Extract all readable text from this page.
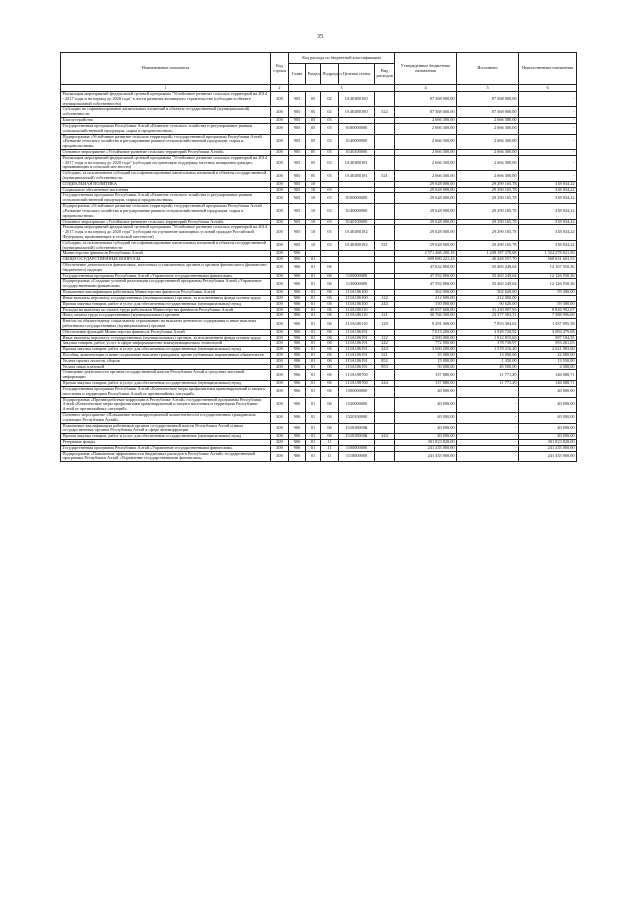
35
Наименование показателя	Код строки	Код расхода по бюджетной классификации					Утвержденные бюджетные назначения	Исполнено	Неисполненные назначения
		Глава	Раздел	Подраздел	Целевая статья	Вид расходов			
1	2	3					4	5	6
Реализация мероприятий федеральной целевой программы "Устойчивое развитие сельских территорий на 2014 - 2017 годы и на период до 2020 года" в части развития жилищного строительства (субсидии в объекте муниципальной собственности)	200	905	05	02	01401R0180		87 368 000,00	87 368 000,00	-
Субсидии на софинансирование капитальных вложений в объекты государственной (муниципальной) собственности	200	905	05	02	01401R0180	522	87 368 000,00	87 368 000,00	-
Благоустройство	200	905	05	03			2 666 300,00	2 666 300,00	-
Государственная программа Республики Алтай «Развитие сельского хозяйства и регулирование рынков сельскохозяйственной продукции, сырья и продовольствия»	200	905	05	03	0100000000		2 666 300,00	2 666 300,00	-
Подпрограмма «Устойчивое развитие сельских территорий» государственной программы Республики Алтай «Развитие сельского хозяйства и регулирование рынков сельскохозяйственной продукции, сырья и продовольствия»	200	905	05	03	0140000000		2 666 300,00	2 666 300,00	-
Основное мероприятие «Устойчивое развитие сельских территорий Республики Алтай»	200	905	05	03	0140100000		2 666 300,00	2 666 300,00	-
Реализация мероприятий федеральной целевой программы "Устойчивое развитие сельских территорий на 2014 - 2017 годы и на период до 2020 года" (субсидии на грантовую поддержку местных инициатив граждан, проживающих в сельской местности)	200	905	05	03	01401R0181		2 666 300,00	2 666 300,00	-
Субсидии, за исключением субсидий на софинансирование капитальных вложений в объекты государственной (муниципальной) собственности	200	905	05	03	01401R0181	521	2 666 300,00	2 666 300,00	-
СОЦИАЛЬНАЯ ПОЛИТИКА	200	905	10				29 628 000,00	29 290 165,78	338 834,22
Социальное обеспечение населения	200	905	10	03			29 628 000,00	29 290 165,78	338 834,22
Государственная программа Республики Алтай «Развитие сельского хозяйства и регулирование рынков сельскохозяйственной продукции, сырья и продовольствия»	200	905	10	03	0100000000		29 628 000,00	29 290 165,78	338 834,22
Подпрограмма «Устойчивое развитие сельских территорий» государственной программы Республики Алтай «Развитие сельского хозяйства и регулирование рынков сельскохозяйственной продукции, сырья и продовольствия»	200	905	10	03	0140000000		29 628 000,00	29 290 165,78	338 834,22
Основное мероприятие «Устойчивое развитие сельских территорий Республики Алтай»	200	905	10	03	0140100000		29 628 000,00	29 290 165,78	338 834,22
Реализация мероприятий федеральной целевой программы "Устойчивое развитие сельских территорий на 2014 - 2017 годы и на период до 2020 года" (субсидии на улучшение жилищных условий граждан Российской Федерации, проживающих в сельской местности)	200	905	10	03	01401R0182		29 628 000,00	29 290 165,78	338 834,22
Субсидии, за исключением субсидий на софинансирование капитальных вложений в объекты государственной (муниципальной) собственности	200	905	10	03	01401R0182	521	29 628 000,00	29 290 165,78	338 834,22
Министерство финансов Республики Алтай	200	906					2 571 466 200,18	1 249 187 378,68	1 322 278 821,50
ОБЩЕГОСУДАРСТВЕННЫЕ ВОПРОСЫ	200	906	01				609 080 221,23	40 448 557,70	568 631 663,53
Обеспечение деятельности финансовых, налоговых и таможенных органов и органов финансового (финансово-бюджетного) надзора	200	906	01	06			47 632 800,00	35 465 249,64	12 167 550,36
Государственная программа Республики Алтай «Управление государственными финансами»	200	906	01	06	1100000000		47 592 800,00	35 465 249,64	12 126 550,36
Подпрограмма «Создание условий реализации государственной программы Республики Алтай «Управление государственными финансами»	200	906	01	06	1130000000		47 592 800,00	35 465 249,64	12 126 550,36
Повышение квалификации работников Министерства финансов Республики Алтай	200	906	01	06	113А106100		362 000,00	302 620,00	59 380,00
Иные выплаты персоналу государственных (муниципальных) органов, за исключением фонда оплаты труда	200	906	01	06	113А106100	122	212 000,00	212 000,00	-
Прочая закупка товаров, работ и услуг для обеспечения государственных (муниципальных) нужд	200	906	01	06	113А106100	244	150 000,00	90 620,00	59 380,00
Расходы на выплаты по оплате труда работников Министерства финансов Республики Алтай	200	906	01	06	113А106110		40 057 600,00	31 230 007,93	8 826 992,07
Фонд оплаты труда государственных (муниципальных) органов	200	906	01	06	113А106110	121	30 766 300,00	23 377 303,31	7 388 996,69
Взносы по обязательному социальному страхованию на выплаты денежного содержания и иные выплаты работникам государственных (муниципальных) органов	200	906	01	06	113А106110	129	9 291 300,00	7 853 304,62	1 437 995,38
Обеспечение функций Министерства финансов Республики Алтай	200	906	01	06	113А106191		7 013 200,00	3 929 720,92	3 083 479,08
Иные выплаты персоналу государственных (муниципальных) органов, за исключением фонда оплаты труда	200	906	01	06	113А106191	122	2 500 000,00	1 912 815,65	587 184,35
Закупка товаров, работ, услуг в сфере информационно-коммуникационных технологий	200	906	01	06	113А106191	242	772 000,00	378 738,97	393 261,03
Прочая закупка товаров, работ и услуг для обеспечения государственных (муниципальных) нужд	200	906	01	06	113А106191	244	3 600 200,00	1 578 216,40	2 021 983,60
Пособия, компенсации и иные социальные выплаты гражданам, кроме публичных нормативных обязательств	200	906	01	06	113А106191	321	35 000,00	13 000,00	22 000,00
Уплата прочих налогов, сборов	200	906	01	06	113А106191	852	15 000,00	1 450,00	13 550,00
Уплата иных платежей	200	906	01	06	113А106191	853	50 000,00	45 500,00	4 500,00
Освещение деятельности органов государственной власти Республики Алтай в средствах массовой информации	200	906	01	06	113А198700		157 880,00	11 771,29	146 088,71
Прочая закупка товаров, работ и услуг для обеспечения государственных (муниципальных) нужд	200	906	01	06	113А198700	244	157 880,00	11 771,29	146 088,71
Государственная программа Республики Алтай «Комплексные меры профилактики правонарушений и защита населения и территории Республики Алтай от чрезвычайных ситуаций»	200	906	01	06	1500000000		40 000,00	-	40 000,00
Подпрограмма «Противодействие коррупции в Республике Алтай» государственной программы Республики Алтай «Комплексные меры профилактики правонарушений и защита населения и территории Республики Алтай от чрезвычайных ситуаций»	200	906	01	06	1520000000		40 000,00	-	40 000,00
Основное мероприятие «Повышение антикоррупционной компетентности государственных гражданских служащих Республики Алтай»	200	906	01	06	1520100000		40 000,00	-	40 000,00
Повышение квалификации работников органов государственной власти Республики Алтай и иных государственных органов Республики Алтай в сфере антикоррупции	200	906	01	06	152010006К		40 000,00	-	40 000,00
Прочая закупка товаров, работ и услуг для обеспечения государственных (муниципальных) нужд	200	906	01	06	152010006К	244	40 000,00	-	40 000,00
Резервные фонды	200	906	01	11			301 823 828,00	-	301 823 828,00
Государственная программа Республики Алтай «Управление государственными финансами»	200	906	01	11	1100000000		241 435 000,00	-	241 435 000,00
Подпрограмма «Повышение эффективности бюджетных расходов в Республике Алтай» государственной программы Республики Алтай «Управление государственными финансами»	200	906	01	11	1110000000		241 435 000,00	-	241 435 000,00
